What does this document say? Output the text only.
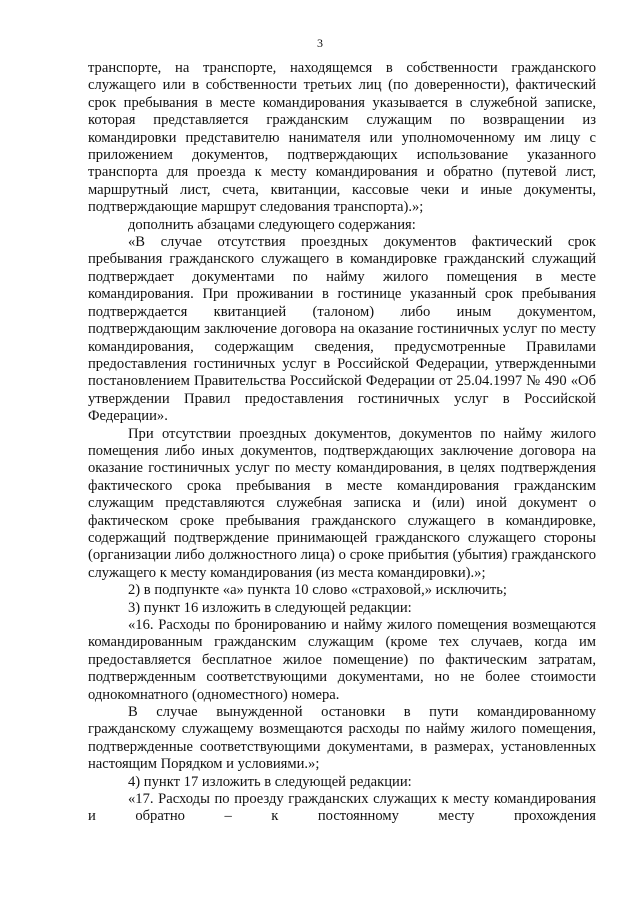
3

транспорте, на транспорте, находящемся в собственности гражданского служащего или в собственности третьих лиц (по доверенности), фактический срок пребывания в месте командирования указывается в служебной записке, которая представляется гражданским служащим по возвращении из командировки представителю нанимателя или уполномоченному им лицу с приложением документов, подтверждающих использование указанного транспорта для проезда к месту командирования и обратно (путевой лист, маршрутный лист, счета, квитанции, кассовые чеки и иные документы, подтверждающие маршрут следования транспорта).»;

дополнить абзацами следующего содержания:

«В случае отсутствия проездных документов фактический срок пребывания гражданского служащего в командировке гражданский служащий подтверждает документами по найму жилого помещения в месте командирования. При проживании в гостинице указанный срок пребывания подтверждается квитанцией (талоном) либо иным документом, подтверждающим заключение договора на оказание гостиничных услуг по месту командирования, содержащим сведения, предусмотренные Правилами предоставления гостиничных услуг в Российской Федерации, утвержденными постановлением Правительства Российской Федерации от 25.04.1997 № 490 «Об утверждении Правил предоставления гостиничных услуг в Российской Федерации».

При отсутствии проездных документов, документов по найму жилого помещения либо иных документов, подтверждающих заключение договора на оказание гостиничных услуг по месту командирования, в целях подтверждения фактического срока пребывания в месте командирования гражданским служащим представляются служебная записка и (или) иной документ о фактическом сроке пребывания гражданского служащего в командировке, содержащий подтверждение принимающей гражданского служащего стороны (организации либо должностного лица) о сроке прибытия (убытия) гражданского служащего к месту командирования (из места командировки).»;

2) в подпункте «а» пункта 10 слово «страховой,» исключить;

3) пункт 16 изложить в следующей редакции:

«16. Расходы по бронированию и найму жилого помещения возмещаются командированным гражданским служащим (кроме тех случаев, когда им предоставляется бесплатное жилое помещение) по фактическим затратам, подтвержденным соответствующими документами, но не более стоимости однокомнатного (одноместного) номера.

В случае вынужденной остановки в пути командированному гражданскому служащему возмещаются расходы по найму жилого помещения, подтвержденные соответствующими документами, в размерах, установленных настоящим Порядком и условиями.»;

4) пункт 17 изложить в следующей редакции:

«17. Расходы по проезду гражданских служащих к месту командирования и обратно – к постоянному месту прохождения
